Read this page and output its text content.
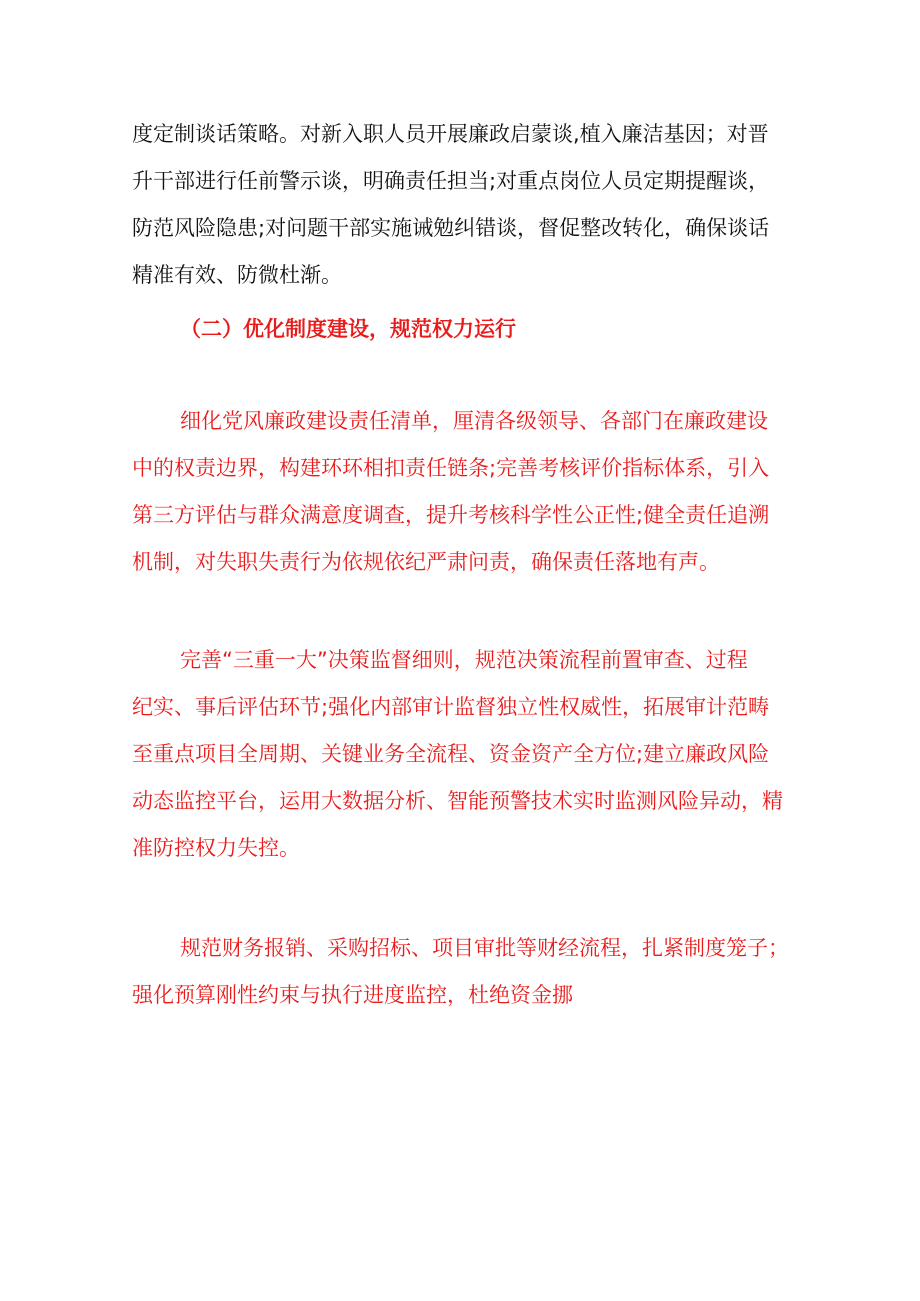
度定制谈话策略。对新入职人员开展廉政启蒙谈,植入廉洁基因；对晋
升干部进行任前警示谈，明确责任担当;对重点岗位人员定期提醒谈，
防范风险隐患;对问题干部实施诫勉纠错谈，督促整改转化，确保谈话
精准有效、防微杜渐。
（二）优化制度建设，规范权力运行
细化党风廉政建设责任清单，厘清各级领导、各部门在廉政建设
中的权责边界，构建环环相扣责任链条;完善考核评价指标体系，引入
第三方评估与群众满意度调查，提升考核科学性公正性;健全责任追溯
机制，对失职失责行为依规依纪严肃问责，确保责任落地有声。
完善“三重一大”决策监督细则，规范决策流程前置审查、过程
纪实、事后评估环节;强化内部审计监督独立性权威性，拓展审计范畴
至重点项目全周期、关键业务全流程、资金资产全方位;建立廉政风险
动态监控平台，运用大数据分析、智能预警技术实时监测风险异动，精
准防控权力失控。
规范财务报销、采购招标、项目审批等财经流程，扎紧制度笼子；
强化预算刚性约束与执行进度监控，杜绝资金挪
